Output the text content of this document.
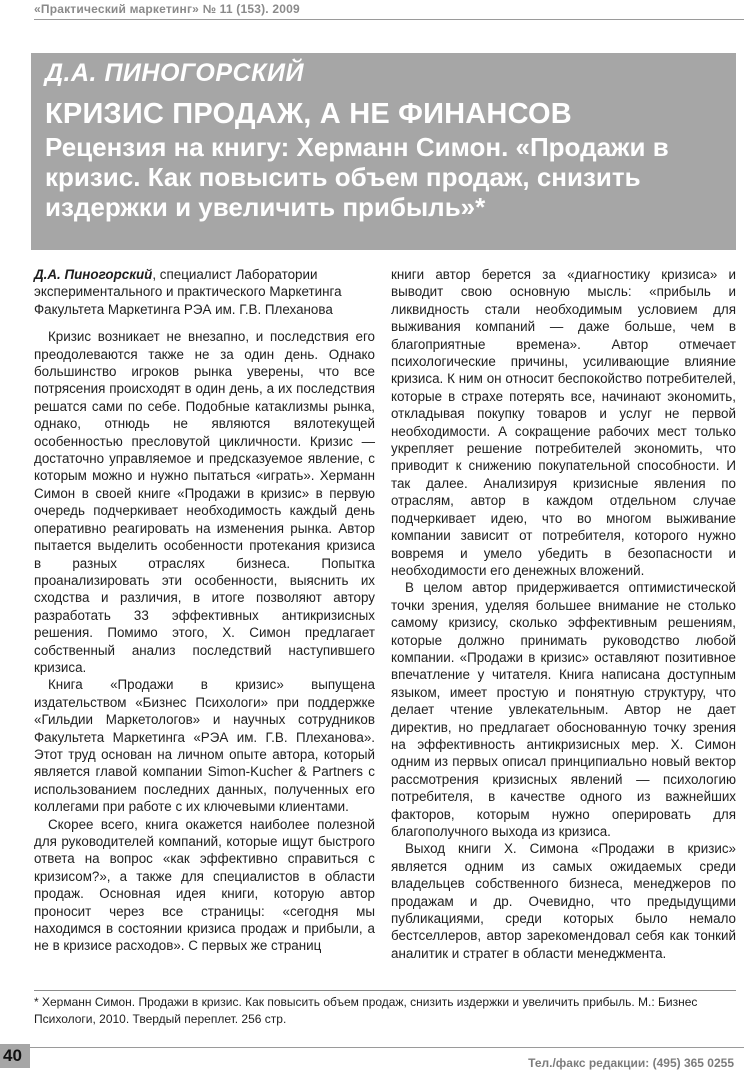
«Практический маркетинг» № 11 (153). 2009
Д.А. ПИНОГОРСКИЙ
КРИЗИС ПРОДАЖ, А НЕ ФИНАНСОВ
Рецензия на книгу: Херманн Симон. «Продажи в кризис. Как повысить объем продаж, снизить издержки и увеличить прибыль»*

Д.А. Пиногорский, специалист Лаборатории экспериментального и практического Маркетинга Факультета Маркетинга РЭА им. Г.В. Плеханова

Кризис возникает не внезапно, и последствия его преодолеваются также не за один день. Однако большинство игроков рынка уверены, что все потрясения происходят в один день, а их последствия решатся сами по себе. Подобные катаклизмы рынка, однако, отнюдь не являются вялотекущей особенностью пресловутой цикличности. Кризис — достаточно управляемое и предсказуемое явление, с которым можно и нужно пытаться «играть». Херманн Симон в своей книге «Продажи в кризис» в первую очередь подчеркивает необходимость каждый день оперативно реагировать на изменения рынка. Автор пытается выделить особенности протекания кризиса в разных отраслях бизнеса. Попытка проанализировать эти особенности, выяснить их сходства и различия, в итоге позволяют автору разработать 33 эффективных антикризисных решения. Помимо этого, Х. Симон предлагает собственный анализ последствий наступившего кризиса.

Книга «Продажи в кризис» выпущена издательством «Бизнес Психологи» при поддержке «Гильдии Маркетологов» и научных сотрудников Факультета Маркетинга «РЭА им. Г.В. Плеханова». Этот труд основан на личном опыте автора, который является главой компании Simon-Kucher & Partners с использованием последних данных, полученных его коллегами при работе с их ключевыми клиентами.

Скорее всего, книга окажется наиболее полезной для руководителей компаний, которые ищут быстрого ответа на вопрос «как эффективно справиться с кризисом?», а также для специалистов в области продаж. Основная идея книги, которую автор проносит через все страницы: «сегодня мы находимся в состоянии кризиса продаж и прибыли, а не в кризисе расходов». С первых же страниц

книги автор берется за «диагностику кризиса» и выводит свою основную мысль: «прибыль и ликвидность стали необходимым условием для выживания компаний — даже больше, чем в благоприятные времена». Автор отмечает психологические причины, усиливающие влияние кризиса. К ним он относит беспокойство потребителей, которые в страхе потерять все, начинают экономить, откладывая покупку товаров и услуг не первой необходимости. А сокращение рабочих мест только укрепляет решение потребителей экономить, что приводит к снижению покупательной способности. И так далее. Анализируя кризисные явления по отраслям, автор в каждом отдельном случае подчеркивает идею, что во многом выживание компании зависит от потребителя, которого нужно вовремя и умело убедить в безопасности и необходимости его денежных вложений.

В целом автор придерживается оптимистической точки зрения, уделяя большее внимание не столько самому кризису, сколько эффективным решениям, которые должно принимать руководство любой компании. «Продажи в кризис» оставляют позитивное впечатление у читателя. Книга написана доступным языком, имеет простую и понятную структуру, что делает чтение увлекательным. Автор не дает директив, но предлагает обоснованную точку зрения на эффективность антикризисных мер. Х. Симон одним из первых описал принципиально новый вектор рассмотрения кризисных явлений — психологию потребителя, в качестве одного из важнейших факторов, которым нужно оперировать для благополучного выхода из кризиса.

Выход книги Х. Симона «Продажи в кризис» является одним из самых ожидаемых среди владельцев собственного бизнеса, менеджеров по продажам и др. Очевидно, что предыдущими публикациями, среди которых было немало бестселлеров, автор зарекомендовал себя как тонкий аналитик и стратег в области менеджмента.

* Херманн Симон. Продажи в кризис. Как повысить объем продаж, снизить издержки и увеличить прибыль. М.: Бизнес Психологи, 2010. Твердый переплет. 256 стр.
40	Тел./факс редакции: (495) 365 0255
